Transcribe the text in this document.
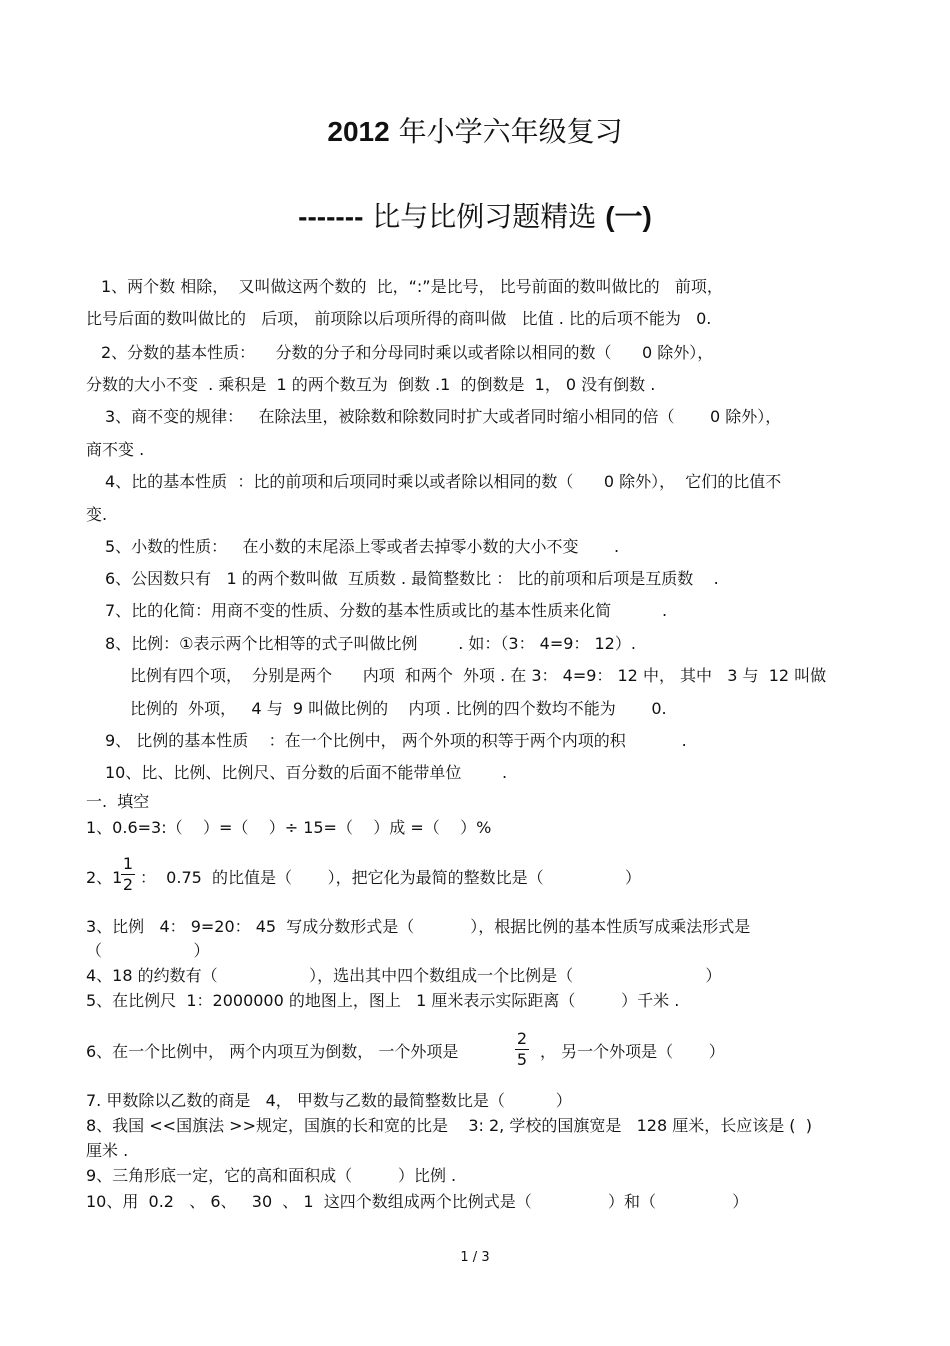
2012 年小学六年级复习
------- 比与比例习题精选 (一)
1、两个数 相除，  又叫做这两个数的  比，“:”是比号， 比号前面的数叫做比的   前项，
比号后面的数叫做比的   后项， 前项除以后项所得的商叫做   比值 . 比的后项不能为   0.
2、分数的基本性质：    分数的分子和分母同时乘以或者除以相同的数（      0 除外），
分数的大小不变  . 乘积是  1 的两个数互为  倒数 .1  的倒数是  1， 0 没有倒数 .
3、商不变的规律：   在除法里，被除数和除数同时扩大或者同时缩小相同的倍（       0 除外），
商不变 .
4、比的基本性质  ：比的前项和后项同时乘以或者除以相同的数（      0 除外），  它们的比值不
变.
5、小数的性质：   在小数的末尾添上零或者去掉零小数的大小不变       .
6、公因数只有   1 的两个数叫做  互质数 . 最简整数比 ： 比的前项和后项是互质数    .
7、比的化简：用商不变的性质、分数的基本性质或比的基本性质来化简          .
8、比例：①表示两个比相等的式子叫做比例        . 如：（3： 4=9： 12）.
比例有四个项，  分别是两个      内项  和两个  外项 . 在 3： 4=9： 12 中， 其中   3 与  12 叫做
比例的  外项，   4 与  9 叫做比例的    内项 . 比例的四个数均不能为       0.
9、 比例的基本性质    ：在一个比例中， 两个外项的积等于两个内项的积           .
10、比、比例、比例尺、百分数的后面不能带单位        .
一.  填空
1、0.6=3:（    ）=（    ）÷ 15=（    ）成 =（    ）%
2、1
1
2 ：  0.75  的比值是（       ），把它化为最简的整数比是（                ）
3、比例   4： 9=20： 45  写成分数形式是（           ），根据比例的基本性质写成乘法形式是
（                  ）
4、18 的约数有（                  ），选出其中四个数组成一个比例是（                          ）
5、在比例尺  1：2000000 的地图上，图上   1 厘米表示实际距离（         ）千米 .
6、在一个比例中， 两个内项互为倒数， 一个外项是
2
5 ， 另一个外项是（       ）
7. 甲数除以乙数的商是   4， 甲数与乙数的最简整数比是（          ）
8、我国 <<国旗法 >>规定，国旗的长和宽的比是    3: 2, 学校的国旗宽是   128 厘米，长应该是 (  )
厘米 .
9、三角形底一定，它的高和面积成（         ）比例 .
10、用  0.2   、 6、   30  、 1  这四个数组成两个比例式是（               ）和（               ）
1 / 3
